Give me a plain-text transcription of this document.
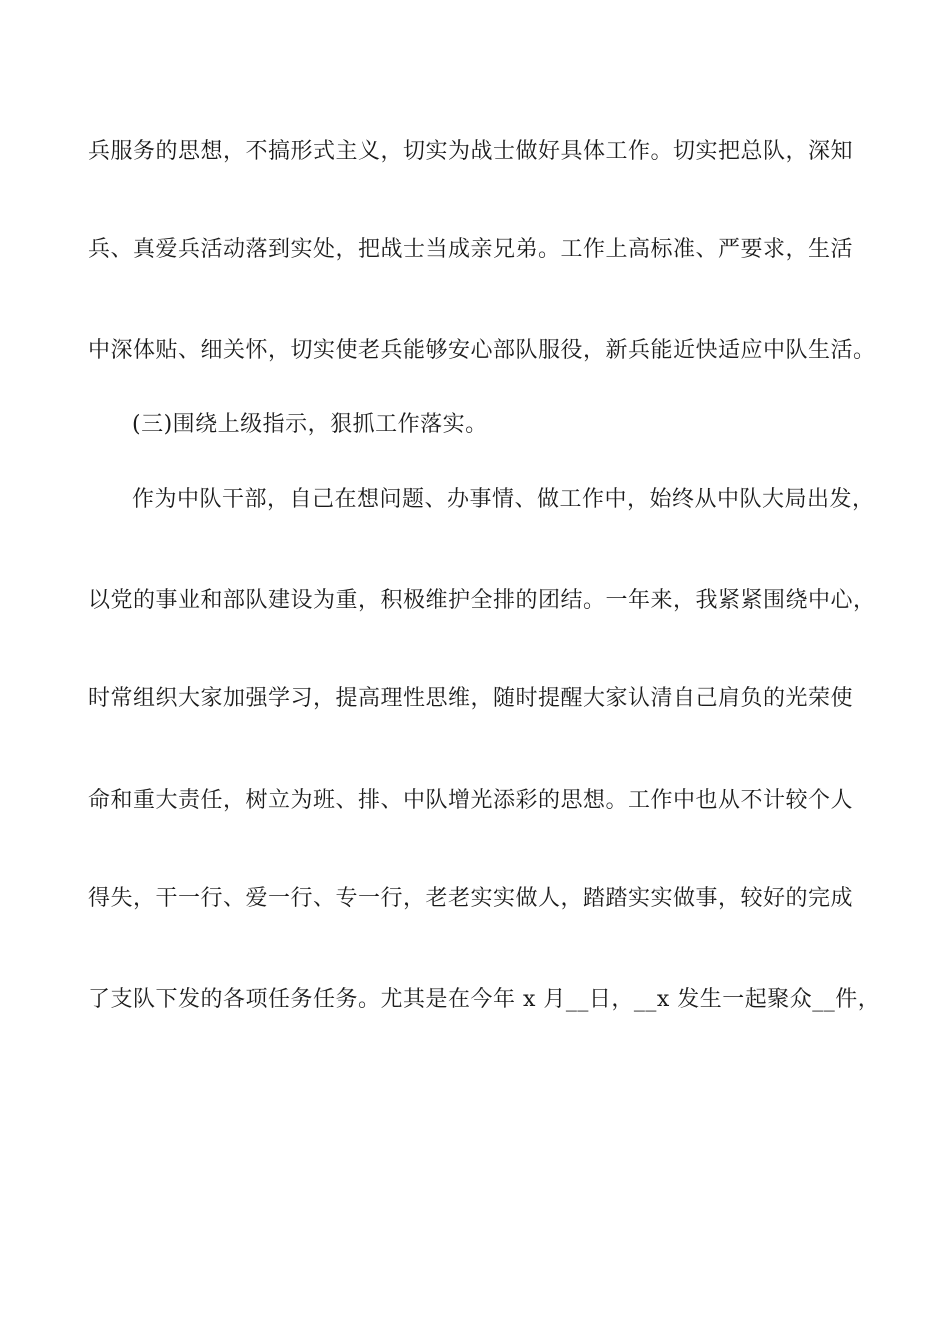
兵服务的思想，不搞形式主义，切实为战士做好具体工作。切实把总队，深知
兵、真爱兵活动落到实处，把战士当成亲兄弟。工作上高标准、严要求，生活
中深体贴、细关怀，切实使老兵能够安心部队服役，新兵能近快适应中队生活。
(三)围绕上级指示，狠抓工作落实。
作为中队干部，自己在想问题、办事情、做工作中，始终从中队大局出发，
以党的事业和部队建设为重，积极维护全排的团结。一年来，我紧紧围绕中心，
时常组织大家加强学习，提高理性思维，随时提醒大家认清自己肩负的光荣使
命和重大责任，树立为班、排、中队增光添彩的思想。工作中也从不计较个人
得失，干一行、爱一行、专一行，老老实实做人，踏踏实实做事，较好的完成
了支队下发的各项任务任务。尤其是在今年 x 月__日，__x 发生一起聚众__件，
